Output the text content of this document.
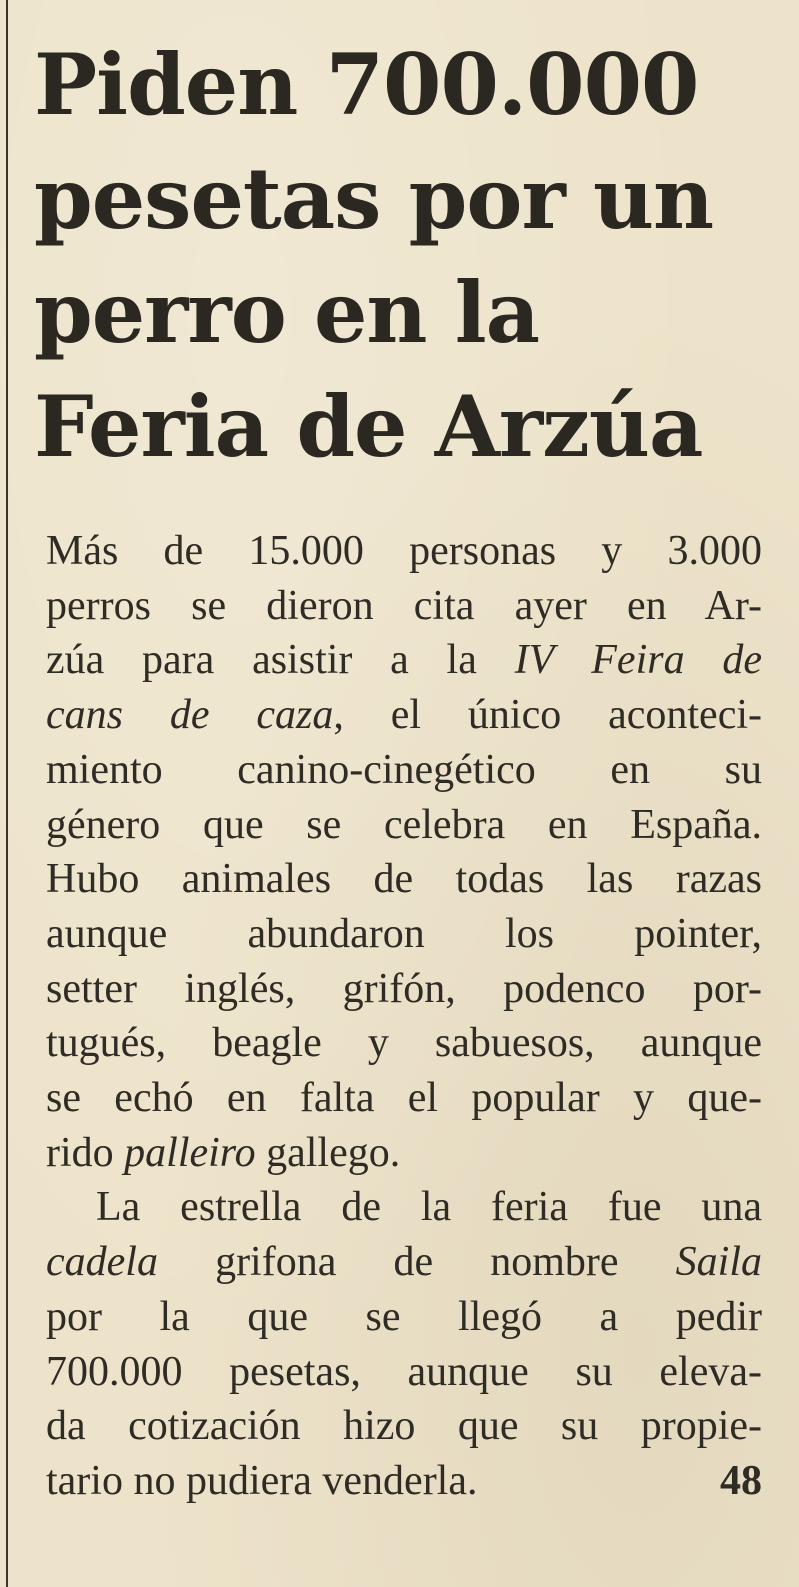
Piden 700.000
pesetas por un
perro en la
Feria de Arzúa
Más de 15.000 personas y 3.000
perros se dieron cita ayer en Ar-
zúa para asistir a la IV Feira de
cans de caza, el único aconteci-
miento canino-cinegético en su
género que se celebra en España.
Hubo animales de todas las razas
aunque abundaron los pointer,
setter inglés, grifón, podenco por-
tugués, beagle y sabuesos, aunque
se echó en falta el popular y que-
rido palleiro gallego.
La estrella de la feria fue una
cadela grifona de nombre Saila
por la que se llegó a pedir
700.000 pesetas, aunque su eleva-
da cotización hizo que su propie-
tario no pudiera venderla.	48
